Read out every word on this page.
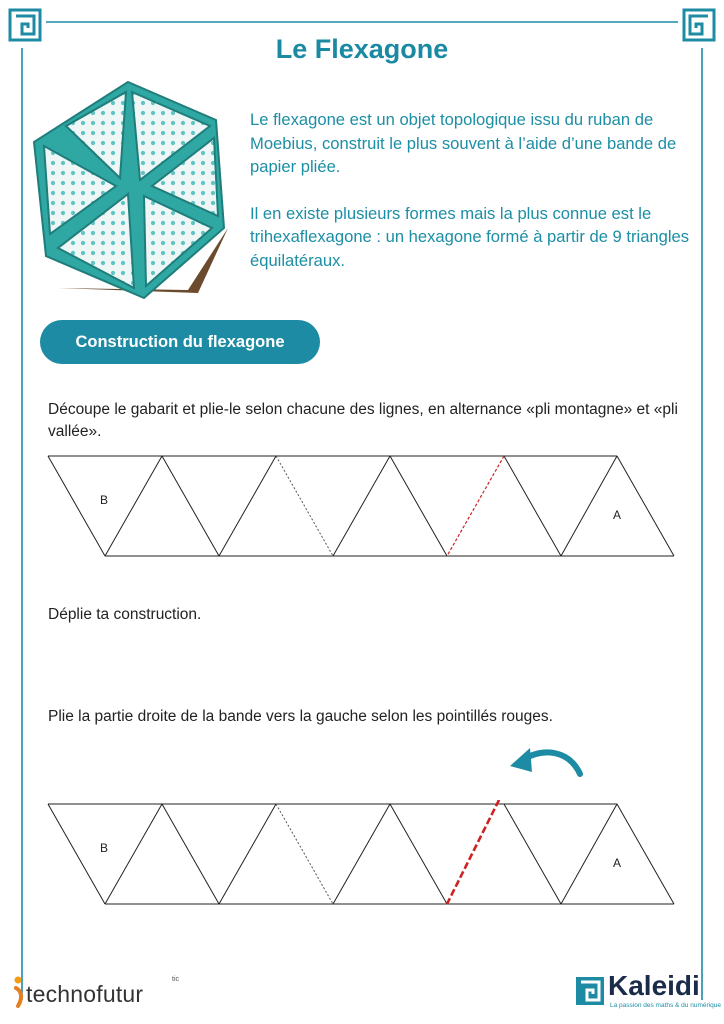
Le Flexagone

Le flexagone est un objet topologique issu du ruban de Moebius, construit le plus souvent à l’aide d’une bande de papier pliée.

Il en existe plusieurs formes mais la plus connue est le trihexaflexagone : un hexagone formé à partir de 9 triangles équilatéraux.

Construction du flexagone
Découpe le gabarit et plie-le selon chacune des lignes, en alternance «pli montagne» et «pli vallée».
B
A
Déplie ta construction.
Plie la partie droite de la bande vers la gauche selon les pointillés rouges.
B
A
technofutur
tic	Kaleidi
La passion des maths & du numérique
